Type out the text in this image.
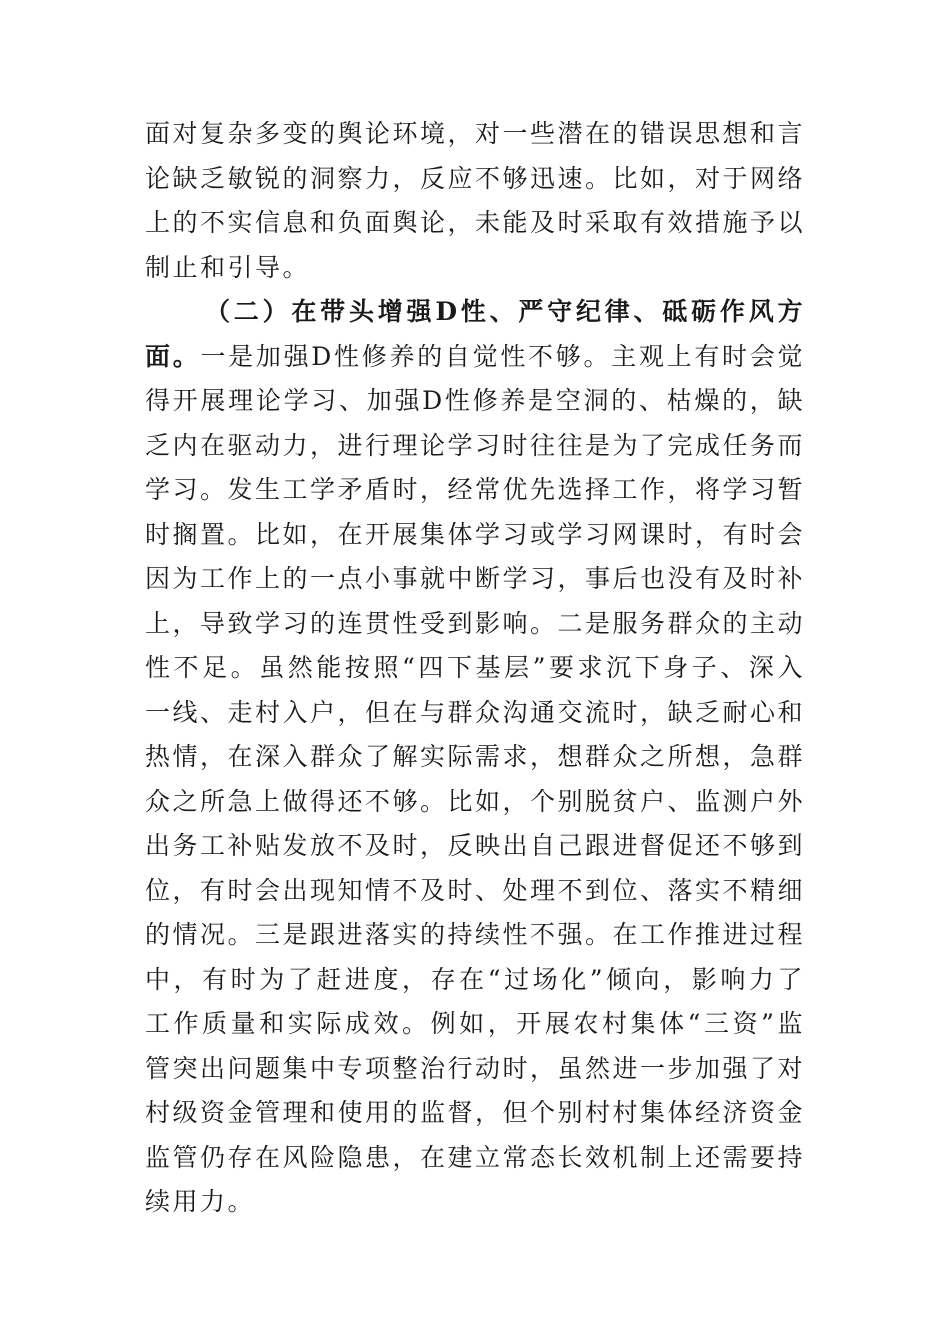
面对复杂多变的舆论环境，对一些潜在的错误思想和言论缺乏敏锐的洞察力，反应不够迅速。比如，对于网络上的不实信息和负面舆论，未能及时采取有效措施予以制止和引导。

（二）在带头增强D性、严守纪律、砥砺作风方面。一是加强D性修养的自觉性不够。主观上有时会觉得开展理论学习、加强D性修养是空洞的、枯燥的，缺乏内在驱动力，进行理论学习时往往是为了完成任务而学习。发生工学矛盾时，经常优先选择工作，将学习暂时搁置。比如，在开展集体学习或学习网课时，有时会因为工作上的一点小事就中断学习，事后也没有及时补上，导致学习的连贯性受到影响。二是服务群众的主动性不足。虽然能按照“四下基层”要求沉下身子、深入一线、走村入户，但在与群众沟通交流时，缺乏耐心和热情，在深入群众了解实际需求，想群众之所想，急群众之所急上做得还不够。比如，个别脱贫户、监测户外出务工补贴发放不及时，反映出自己跟进督促还不够到位，有时会出现知情不及时、处理不到位、落实不精细的情况。三是跟进落实的持续性不强。在工作推进过程中，有时为了赶进度，存在“过场化”倾向，影响力了工作质量和实际成效。例如，开展农村集体“三资”监管突出问题集中专项整治行动时，虽然进一步加强了对村级资金管理和使用的监督，但个别村村集体经济资金监管仍存在风险隐患，在建立常态长效机制上还需要持续用力。
